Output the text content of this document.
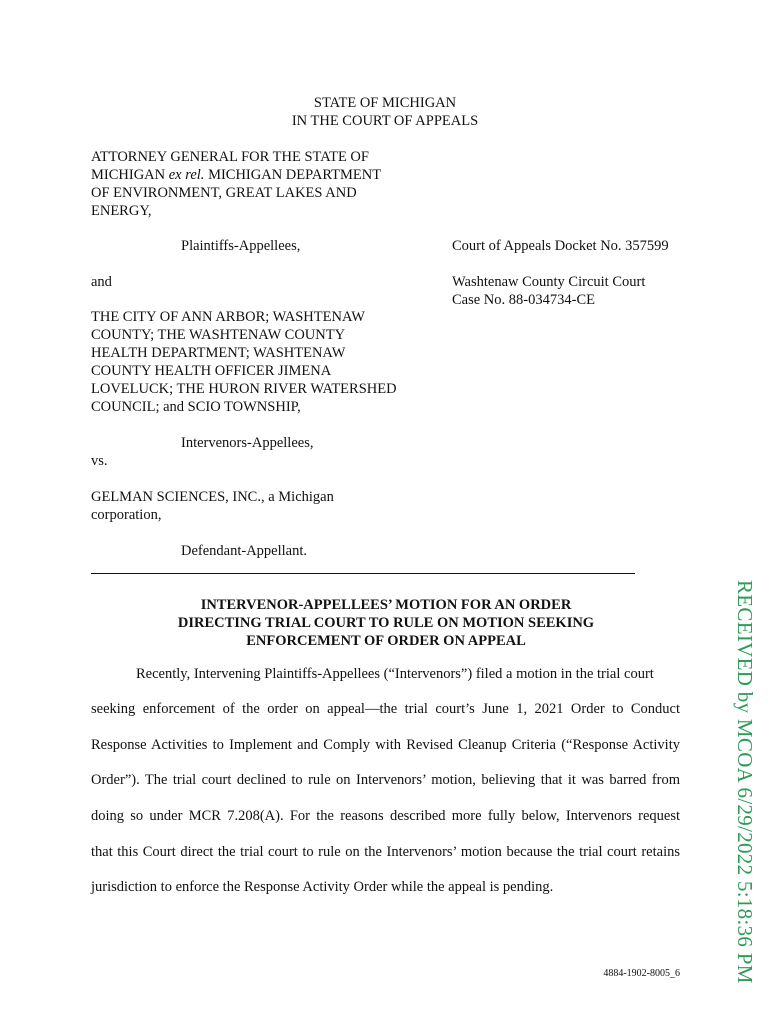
STATE OF MICHIGAN
IN THE COURT OF APPEALS
ATTORNEY GENERAL FOR THE STATE OF
MICHIGAN ex rel. MICHIGAN DEPARTMENT
OF ENVIRONMENT, GREAT LAKES AND
ENERGY,
Plaintiffs-Appellees,	Court of Appeals Docket No. 357599
Washtenaw County Circuit Court
Case No. 88-034734-CE
and
THE CITY OF ANN ARBOR; WASHTENAW
COUNTY; THE WASHTENAW COUNTY
HEALTH DEPARTMENT; WASHTENAW
COUNTY HEALTH OFFICER JIMENA
LOVELUCK; THE HURON RIVER WATERSHED
COUNCIL; and SCIO TOWNSHIP,
Intervenors-Appellees,
vs.
GELMAN SCIENCES, INC., a Michigan
corporation,
Defendant-Appellant.
INTERVENOR-APPELLEES’ MOTION FOR AN ORDER
DIRECTING TRIAL COURT TO RULE ON MOTION SEEKING
ENFORCEMENT OF ORDER ON APPEAL
Recently, Intervening Plaintiffs-Appellees (“Intervenors”) filed a motion in the trial court
seeking enforcement of the order on appeal—the trial court’s June 1, 2021 Order to Conduct
Response Activities to Implement and Comply with Revised Cleanup Criteria (“Response Activity
Order”). The trial court declined to rule on Intervenors’ motion, believing that it was barred from
doing so under MCR 7.208(A). For the reasons described more fully below, Intervenors request
that this Court direct the trial court to rule on the Intervenors’ motion because the trial court retains
jurisdiction to enforce the Response Activity Order while the appeal is pending.
4884-1902-8005_6	RECEIVED by MCOA 6/29/2022 5:18:36 PM
